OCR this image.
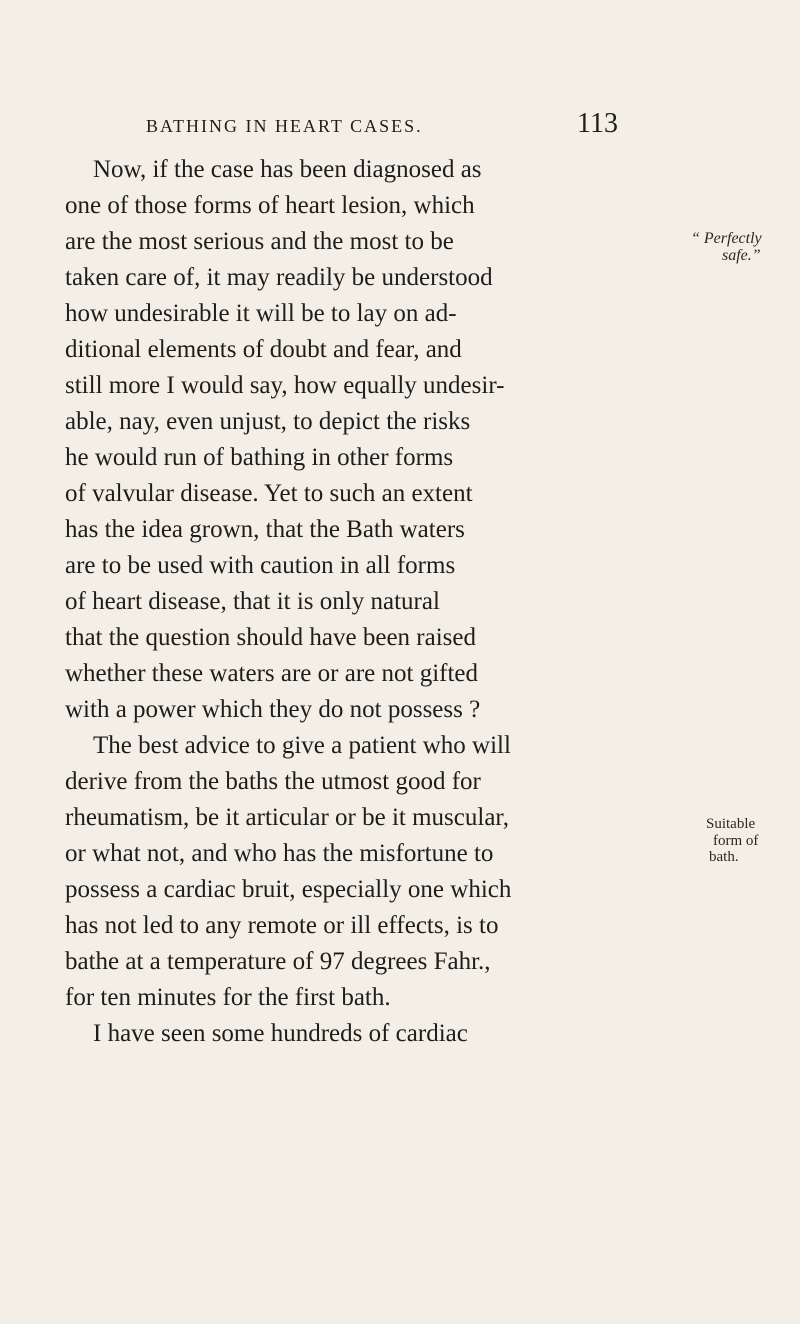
BATHING IN HEART CASES.	113
Now, if the case has been diagnosed as
one of those forms of heart lesion, which
are the most serious and the most to be
taken care of, it may readily be understood
how undesirable it will be to lay on ad-
ditional elements of doubt and fear, and
still more I would say, how equally undesir-
able, nay, even unjust, to depict the risks
he would run of bathing in other forms
of valvular disease. Yet to such an extent
has the idea grown, that the Bath waters
are to be used with caution in all forms
of heart disease, that it is only natural
that the question should have been raised
whether these waters are or are not gifted
with a power which they do not possess ?
The best advice to give a patient who will
derive from the baths the utmost good for
rheumatism, be it articular or be it muscular,
or what not, and who has the misfortune to
possess a cardiac bruit, especially one which
has not led to any remote or ill effects, is to
bathe at a temperature of 97 degrees Fahr.,
for ten minutes for the first bath.
I have seen some hundreds of cardiac
“ Perfectly
safe.”
Suitable
form of
bath.
